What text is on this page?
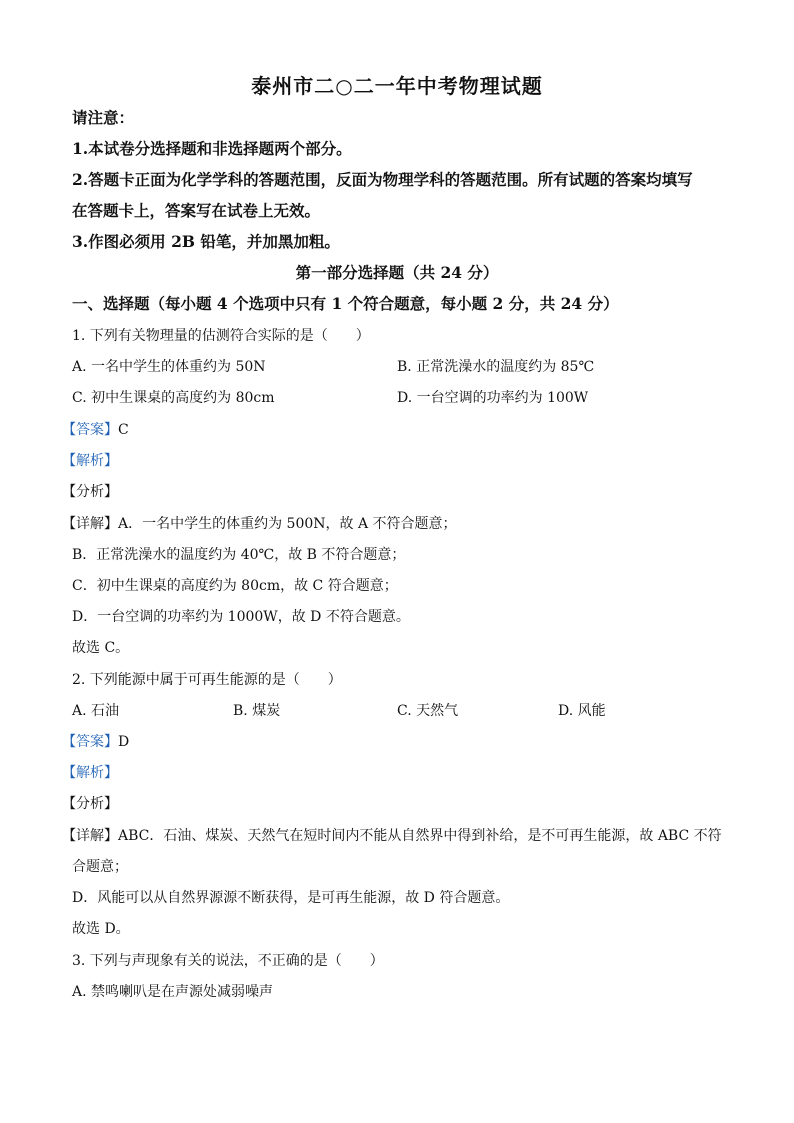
泰州市二○二一年中考物理试题
请注意：
1.本试卷分选择题和非选择题两个部分。
2.答题卡正面为化学学科的答题范围，反面为物理学科的答题范围。所有试题的答案均填写
在答题卡上，答案写在试卷上无效。
3.作图必须用 2B 铅笔，并加黑加粗。
第一部分选择题（共 24 分）
一、选择题（每小题 4 个选项中只有 1 个符合题意，每小题 2 分，共 24 分）
1. 下列有关物理量的估测符合实际的是（　　）
A. 一名中学生的体重约为 50N	B. 正常洗澡水的温度约为 85℃
C. 初中生课桌的高度约为 80cm	D. 一台空调的功率约为 100W
【答案】C
【解析】
【分析】
【详解】A．一名中学生的体重约为 500N，故 A 不符合题意；
B．正常洗澡水的温度约为 40℃，故 B 不符合题意；
C．初中生课桌的高度约为 80cm，故 C 符合题意；
D．一台空调的功率约为 1000W，故 D 不符合题意。
故选 C。
2. 下列能源中属于可再生能源的是（　　）
A. 石油	B. 煤炭	C. 天然气	D. 风能
【答案】D
【解析】
【分析】
【详解】ABC．石油、煤炭、天然气在短时间内不能从自然界中得到补给，是不可再生能源，故 ABC 不符
合题意；
D．风能可以从自然界源源不断获得，是可再生能源，故 D 符合题意。
故选 D。
3. 下列与声现象有关的说法，不正确的是（　　）
A. 禁鸣喇叭是在声源处减弱噪声
